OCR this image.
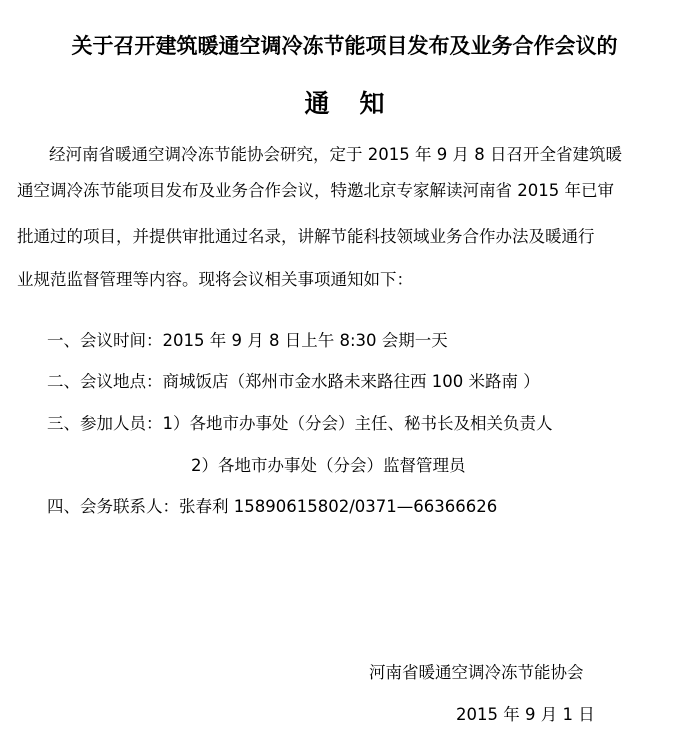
关于召开建筑暖通空调冷冻节能项目发布及业务合作会议的
通知

经河南省暖通空调冷冻节能协会研究，定于 2015 年 9 月 8 日召开全省建筑暖

通空调冷冻节能项目发布及业务合作会议，特邀北京专家解读河南省 2015 年已审

批通过的项目，并提供审批通过名录，讲解节能科技领域业务合作办法及暖通行

业规范监督管理等内容。现将会议相关事项通知如下：

一、会议时间：2015 年 9 月 8 日上午 8:30 会期一天

二、会议地点：商城饭店（郑州市金水路未来路往西 100 米路南 ）

三、参加人员：1）各地市办事处（分会）主任、秘书长及相关负责人

2）各地市办事处（分会）监督管理员

四、会务联系人：张春利 15890615802/0371—66366626

河南省暖通空调冷冻节能协会

2015 年 9 月 1 日
